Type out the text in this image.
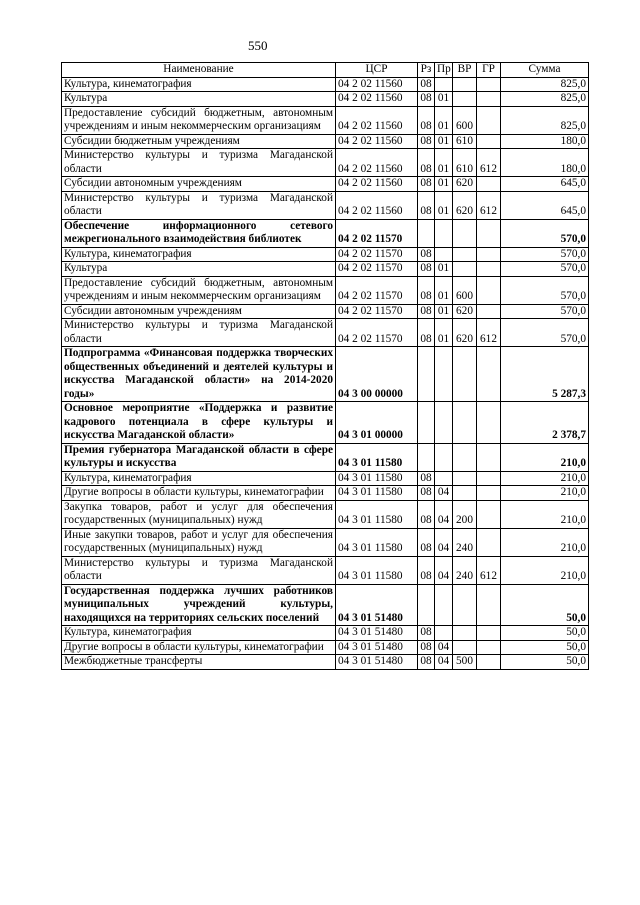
550
Наименование	ЦСР	Рз	Пр	ВР	ГР	Сумма
Культура, кинематография	04 2 02 11560	08				825,0
Культура	04 2 02 11560	08	01			825,0
Предоставление субсидий бюджетным, автономным учреждениям и иным некоммерческим организациям	04 2 02 11560	08	01	600		825,0
Субсидии бюджетным учреждениям	04 2 02 11560	08	01	610		180,0
Министерство культуры и туризма Магаданской области	04 2 02 11560	08	01	610	612	180,0
Субсидии автономным учреждениям	04 2 02 11560	08	01	620		645,0
Министерство культуры и туризма Магаданской области	04 2 02 11560	08	01	620	612	645,0
Обеспечение информационного сетевого межрегионального взаимодействия библиотек	04 2 02 11570					570,0
Культура, кинематография	04 2 02 11570	08				570,0
Культура	04 2 02 11570	08	01			570,0
Предоставление субсидий бюджетным, автономным учреждениям и иным некоммерческим организациям	04 2 02 11570	08	01	600		570,0
Субсидии автономным учреждениям	04 2 02 11570	08	01	620		570,0
Министерство культуры и туризма Магаданской области	04 2 02 11570	08	01	620	612	570,0
Подпрограмма «Финансовая поддержка творческих общественных объединений и деятелей культуры и искусства Магаданской области» на 2014-2020 годы»	04 3 00 00000					5 287,3
Основное мероприятие «Поддержка и развитие кадрового потенциала в сфере культуры и искусства Магаданской области»	04 3 01 00000					2 378,7
Премия губернатора Магаданской области в сфере культуры и искусства	04 3 01 11580					210,0
Культура, кинематография	04 3 01 11580	08				210,0
Другие вопросы в области культуры, кинематографии	04 3 01 11580	08	04			210,0
Закупка товаров, работ и услуг для обеспечения государственных (муниципальных) нужд	04 3 01 11580	08	04	200		210,0
Иные закупки товаров, работ и услуг для обеспечения государственных (муниципальных) нужд	04 3 01 11580	08	04	240		210,0
Министерство культуры и туризма Магаданской области	04 3 01 11580	08	04	240	612	210,0
Государственная поддержка лучших работников муниципальных учреждений культуры, находящихся на территориях сельских поселений	04 3 01 51480					50,0
Культура, кинематография	04 3 01 51480	08				50,0
Другие вопросы в области культуры, кинематографии	04 3 01 51480	08	04			50,0
Межбюджетные трансферты	04 3 01 51480	08	04	500		50,0
